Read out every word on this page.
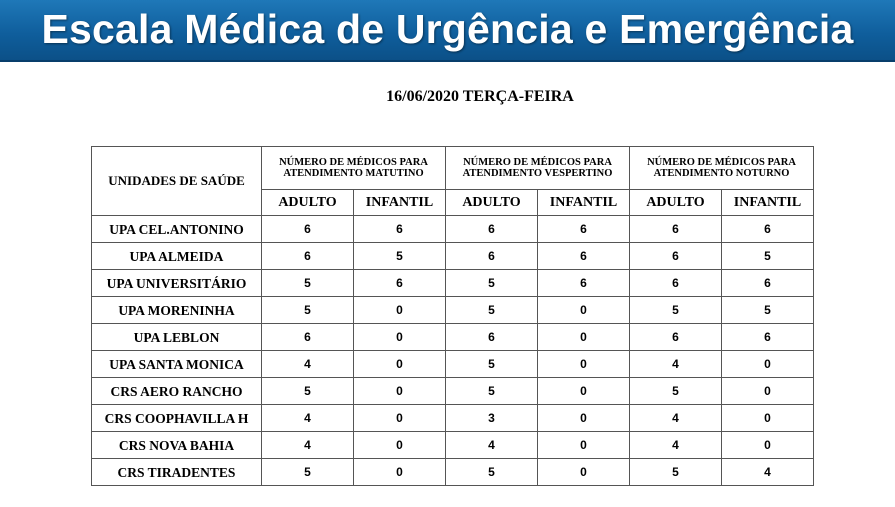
Escala Médica de Urgência e Emergência
16/06/2020 TERÇA-FEIRA
UNIDADES DE SAÚDE	NÚMERO DE MÉDICOS PARA ATENDIMENTO MATUTINO		NÚMERO DE MÉDICOS PARA ATENDIMENTO VESPERTINO		NÚMERO DE MÉDICOS PARA ATENDIMENTO NOTURNO	
	ADULTO	INFANTIL	ADULTO	INFANTIL	ADULTO	INFANTIL
UPA CEL.ANTONINO	6	6	6	6	6	6
UPA ALMEIDA	6	5	6	6	6	5
UPA UNIVERSITÁRIO	5	6	5	6	6	6
UPA MORENINHA	5	0	5	0	5	5
UPA LEBLON	6	0	6	0	6	6
UPA SANTA MONICA	4	0	5	0	4	0
CRS AERO RANCHO	5	0	5	0	5	0
CRS COOPHAVILLA H	4	0	3	0	4	0
CRS NOVA BAHIA	4	0	4	0	4	0
CRS TIRADENTES	5	0	5	0	5	4
